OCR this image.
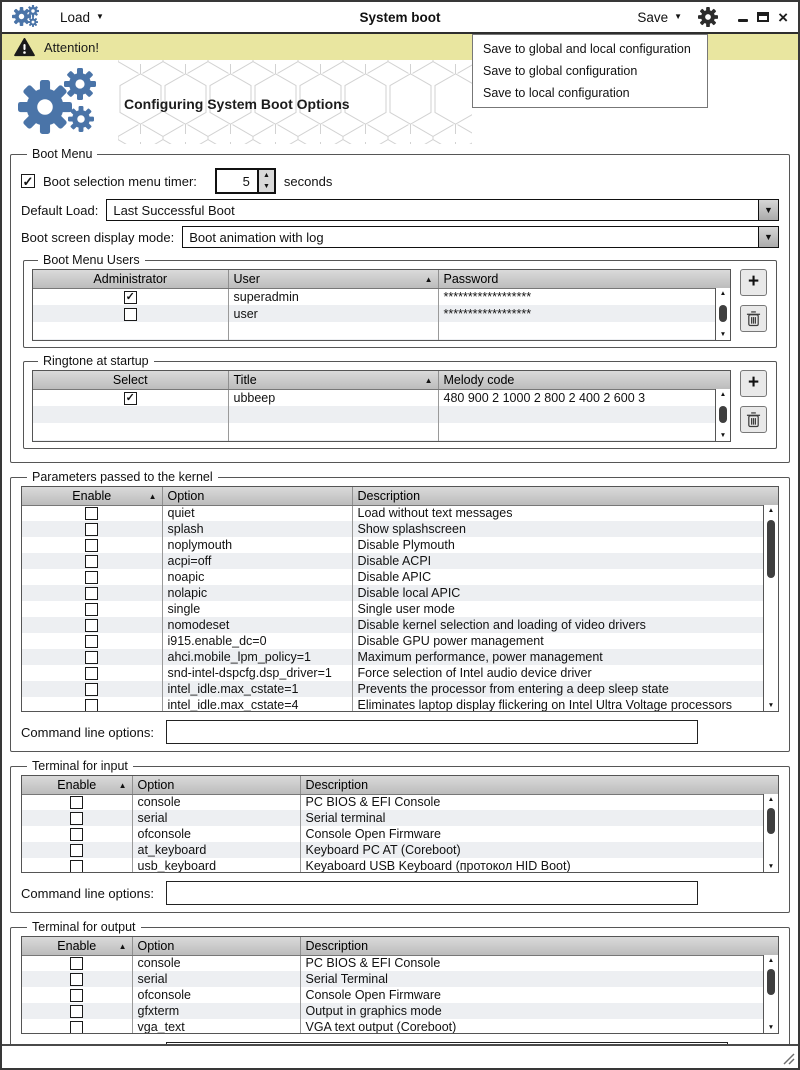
Load ▼	System boot	Save ▼	×
Attention!
Configuring System Boot Options
Save to global and local configuration
Save to global configuration
Save to local configuration
Boot Menu
✓ Boot selection menu timer:	5	▲
▼	seconds
Default Load:	Last Successful Boot	▼
Boot screen display mode:	Boot animation with log	▼
Boot Menu Users
Administrator	User ▲	Password
✓	superadmin	******************
	user	******************

▲
▼
+
Ringtone at startup
Select	Title ▲	Melody code
✓	ubbeep	480 900 2 1000 2 800 2 400 2 600 3

			▲
▼
+
Parameters passed to the kernel
Enable ▲	Option	Description
	quiet	Load without text messages
	splash	Show splashscreen
	noplymouth	Disable Plymouth
	acpi=off	Disable ACPI
	noapic	Disable APIC
	nolapic	Disable local APIC
	single	Single user mode
	nomodeset	Disable kernel selection and loading of video drivers
	i915.enable_dc=0	Disable GPU power management
	ahci.mobile_lpm_policy=1	Maximum performance, power management
	snd-intel-dspcfg.dsp_driver=1	Force selection of Intel audio device driver
	intel_idle.max_cstate=1	Prevents the processor from entering a deep sleep state
	intel_idle.max_cstate=4	Eliminates laptop display flickering on Intel Ultra Voltage processors
▲
▼
Command line options:
Terminal for input
Enable ▲	Option	Description
	console	PC BIOS & EFI Console
	serial	Serial terminal
	ofconsole	Console Open Firmware
	at_keyboard	Keyboard PC AT (Coreboot)
	usb_keyboard	Keyaboard USB Keyboard (протокол HID Boot)
▲
▼
Command line options:
Terminal for output
Enable ▲	Option	Description
	console	PC BIOS & EFI Console
	serial	Serial Terminal
	ofconsole	Console Open Firmware
	gfxterm	Output in graphics mode
	vga_text	VGA text output (Coreboot)
▲
▼
